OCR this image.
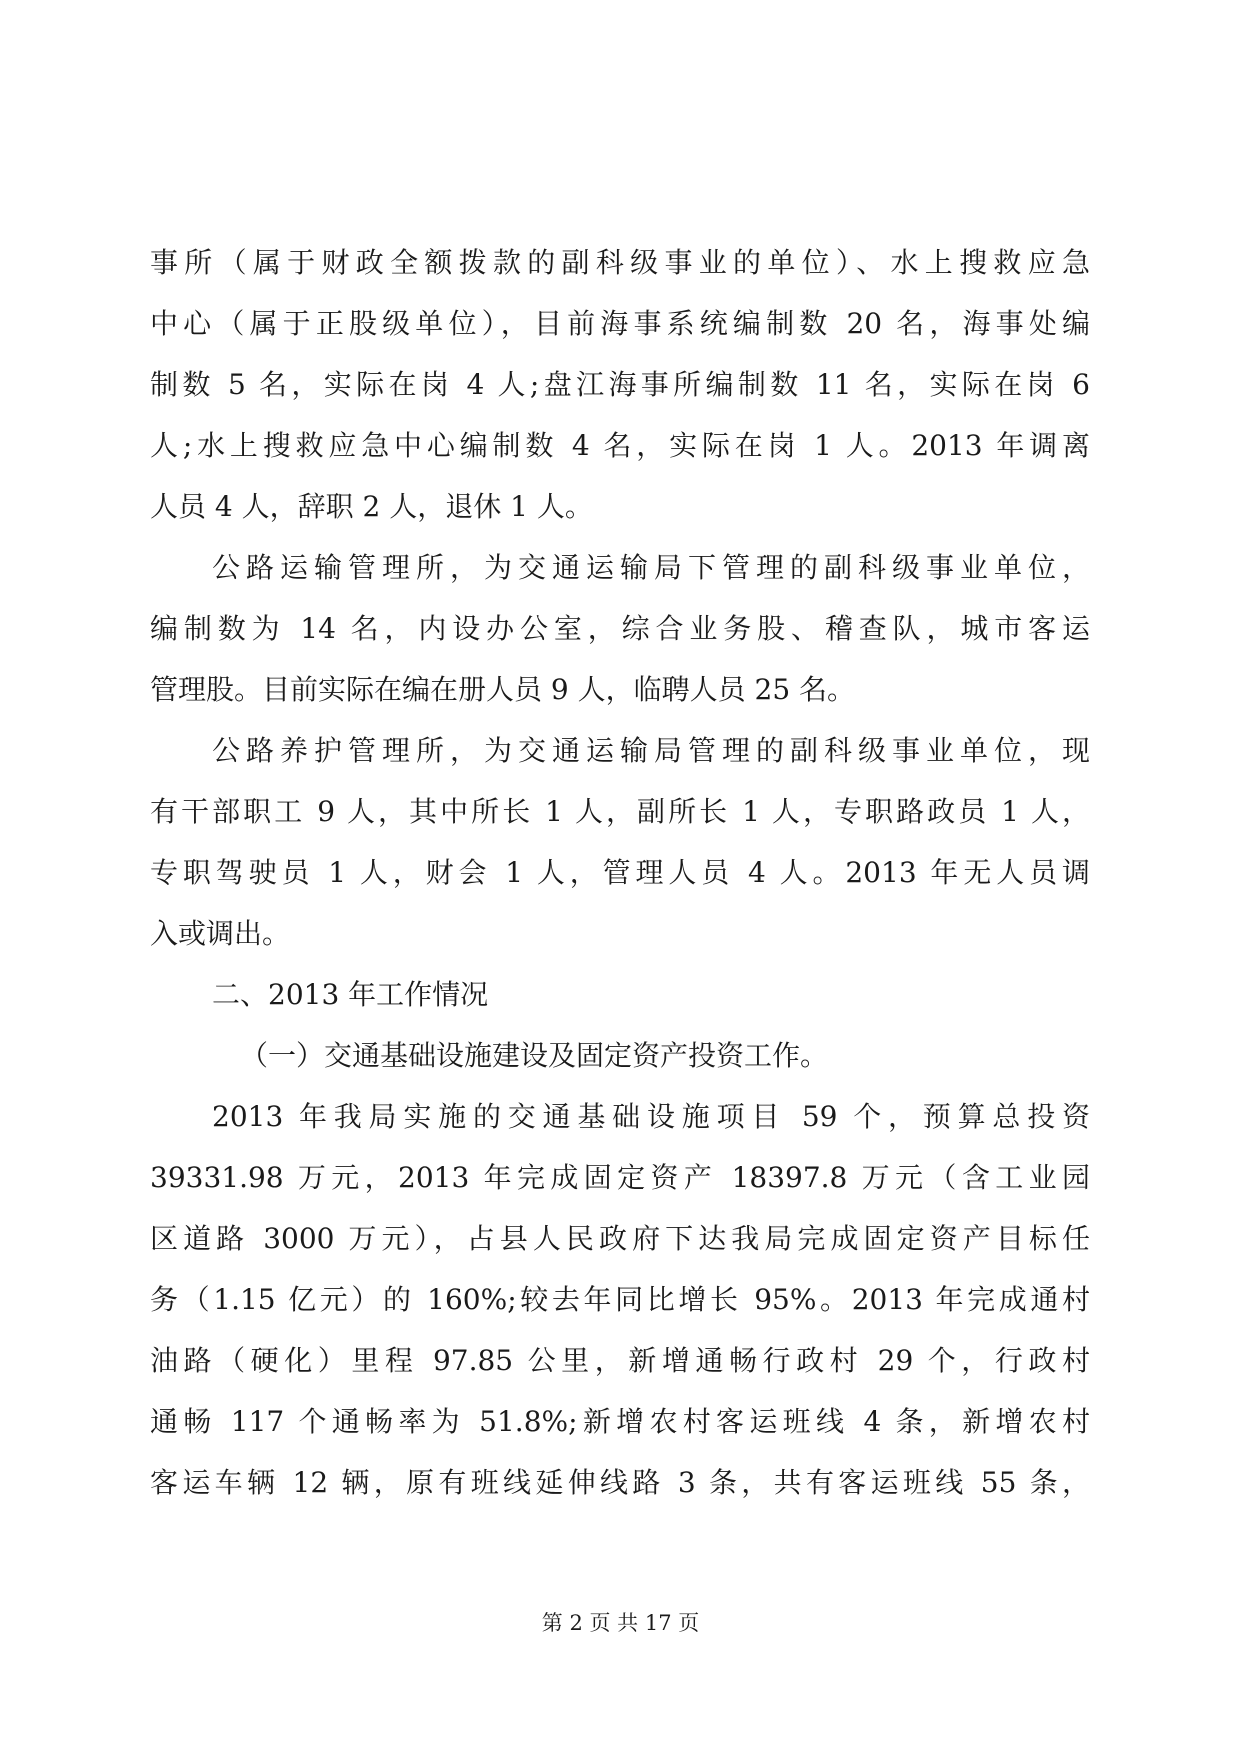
事所（属于财政全额拨款的副科级事业的单位）、水上搜救应急
中心（属于正股级单位），目前海事系统编制数 20 名，海事处编
制数 5 名，实际在岗 4 人;盘江海事所编制数 11 名，实际在岗 6
人;水上搜救应急中心编制数 4 名，实际在岗 1 人。2013 年调离
人员 4 人，辞职 2 人，退休 1 人。
公路运输管理所，为交通运输局下管理的副科级事业单位，
编制数为 14 名，内设办公室，综合业务股、稽查队，城市客运
管理股。目前实际在编在册人员 9 人，临聘人员 25 名。
公路养护管理所，为交通运输局管理的副科级事业单位，现
有干部职工 9 人，其中所长 1 人，副所长 1 人，专职路政员 1 人，
专职驾驶员 1 人，财会 1 人，管理人员 4 人。2013 年无人员调
入或调出。
二、2013 年工作情况
（一）交通基础设施建设及固定资产投资工作。
2013 年我局实施的交通基础设施项目 59 个，预算总投资
39331.98 万元，2013 年完成固定资产 18397.8 万元（含工业园
区道路 3000 万元），占县人民政府下达我局完成固定资产目标任
务（1.15 亿元）的 160%;较去年同比增长 95%。2013 年完成通村
油路（硬化）里程 97.85 公里，新增通畅行政村 29 个，行政村
通畅 117 个通畅率为 51.8%;新增农村客运班线 4 条，新增农村
客运车辆 12 辆，原有班线延伸线路 3 条，共有客运班线 55 条，
第 2 页 共 17 页
